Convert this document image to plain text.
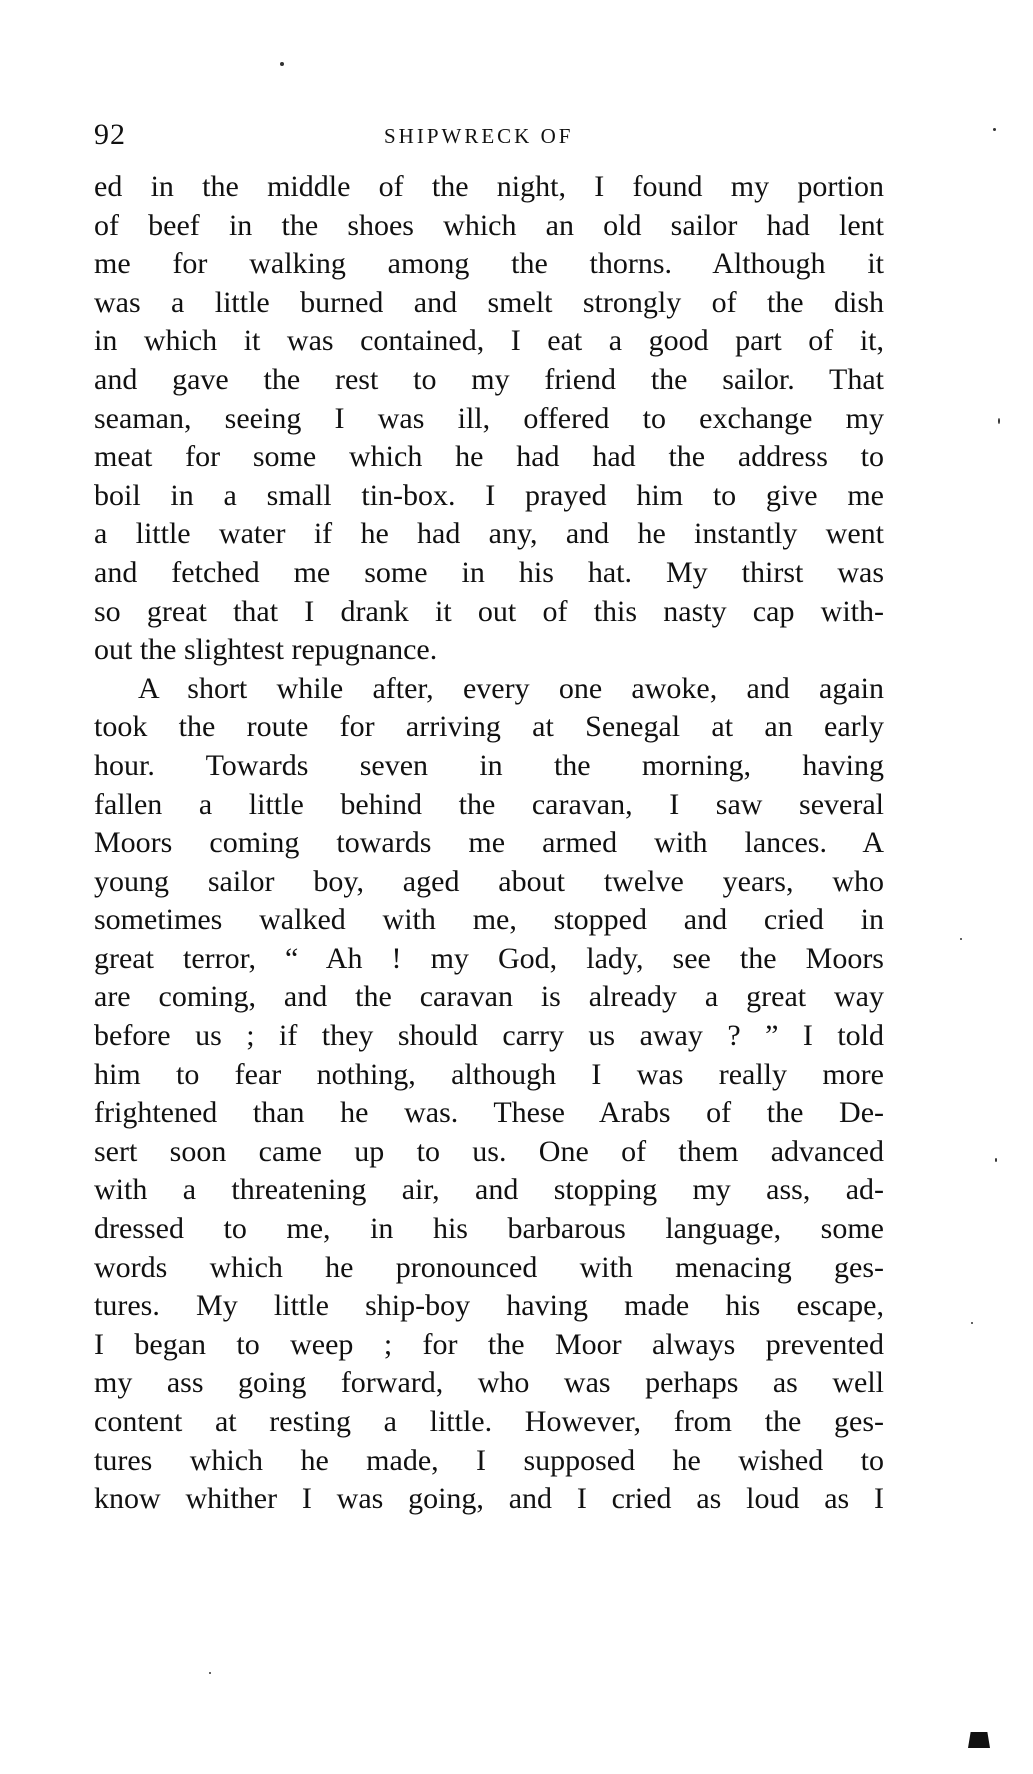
92	SHIPWRECK OF
ed in the middle of the night, I found my portion
of beef in the shoes which an old sailor had lent
me for walking among the thorns. Although it
was a little burned and smelt strongly of the dish
in which it was contained, I eat a good part of it,
and gave the rest to my friend the sailor. That
seaman, seeing I was ill, offered to exchange my
meat for some which he had had the address to
boil in a small tin-box. I prayed him to give me
a little water if he had any, and he instantly went
and fetched me some in his hat. My thirst was
so great that I drank it out of this nasty cap with-
out the slightest repugnance.
A short while after, every one awoke, and again
took the route for arriving at Senegal at an early
hour. Towards seven in the morning, having
fallen a little behind the caravan, I saw several
Moors coming towards me armed with lances. A
young sailor boy, aged about twelve years, who
sometimes walked with me, stopped and cried in
great terror, “ Ah ! my God, lady, see the Moors
are coming, and the caravan is already a great way
before us ; if they should carry us away ? ” I told
him to fear nothing, although I was really more
frightened than he was. These Arabs of the De-
sert soon came up to us. One of them advanced
with a threatening air, and stopping my ass, ad-
dressed to me, in his barbarous language, some
words which he pronounced with menacing ges-
tures. My little ship-boy having made his escape,
I began to weep ; for the Moor always prevented
my ass going forward, who was perhaps as well
content at resting a little. However, from the ges-
tures which he made, I supposed he wished to
know whither I was going, and I cried as loud as I
